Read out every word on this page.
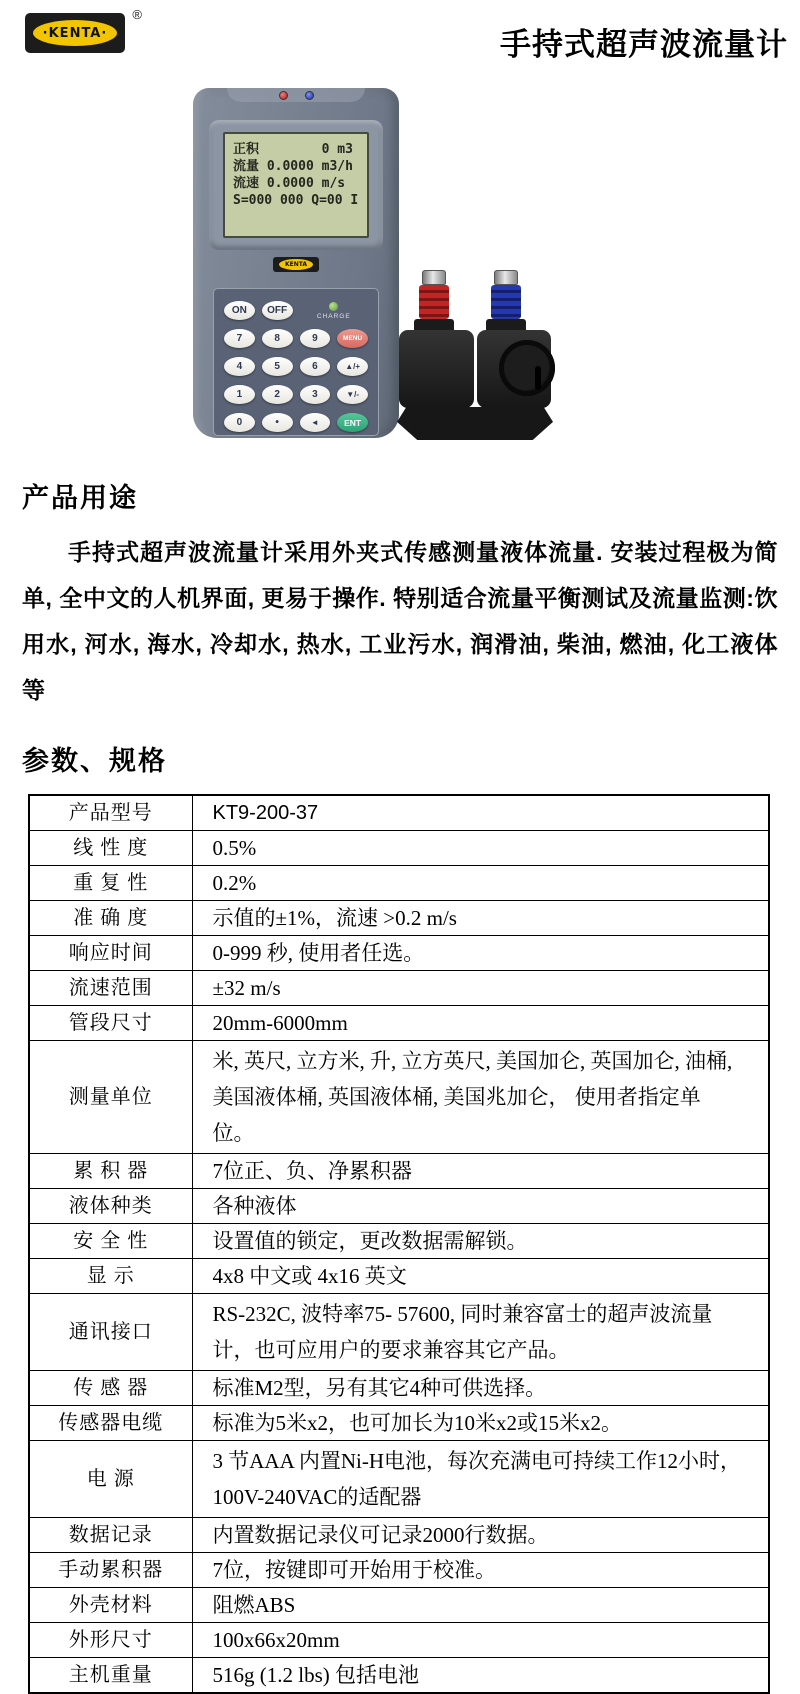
·KENTA·
®
手持式超声波流量计
正积        0 m3
流量 0.0000 m3/h
流速 0.0000 m/s
S=000 000 Q=00 I
KENTA
ON	OFF	CHARGE
7	8	9	MENU
4	5	6	▲/+
1	2	3	▼/-
0	•	◄	ENT
产品用途

手持式超声波流量计采用外夹式传感测量液体流量. 安装过程极为简单, 全中文的人机界面, 更易于操作. 特别适合流量平衡测试及流量监测:饮用水, 河水, 海水, 冷却水, 热水, 工业污水, 润滑油, 柴油, 燃油, 化工液体等

参数、规格
产品型号	KT9-200-37
线 性 度	0.5%
重 复 性	0.2%
准 确 度	示值的±1%，流速 >0.2 m/s
响应时间	0-999 秒, 使用者任选。
流速范围	±32 m/s
管段尺寸	20mm-6000mm
测量单位	米, 英尺, 立方米, 升, 立方英尺, 美国加仑, 英国加仑, 油桶, 美国液体桶, 英国液体桶, 美国兆加仑， 使用者指定单位。
累 积 器	7位正、负、净累积器
液体种类	各种液体
安 全 性	设置值的锁定，更改数据需解锁。
显 示	4x8 中文或 4x16 英文
通讯接口	RS-232C, 波特率75- 57600, 同时兼容富士的超声波流量计，也可应用户的要求兼容其它产品。
传 感 器	标准M2型，另有其它4种可供选择。
传感器电缆	标准为5米x2，也可加长为10米x2或15米x2。
电 源	3 节AAA 内置Ni-H电池，每次充满电可持续工作12小时，100V-240VAC的适配器
数据记录	内置数据记录仪可记录2000行数据。
手动累积器	7位，按键即可开始用于校准。
外壳材料	阻燃ABS
外形尺寸	100x66x20mm
主机重量	516g (1.2 lbs) 包括电池
